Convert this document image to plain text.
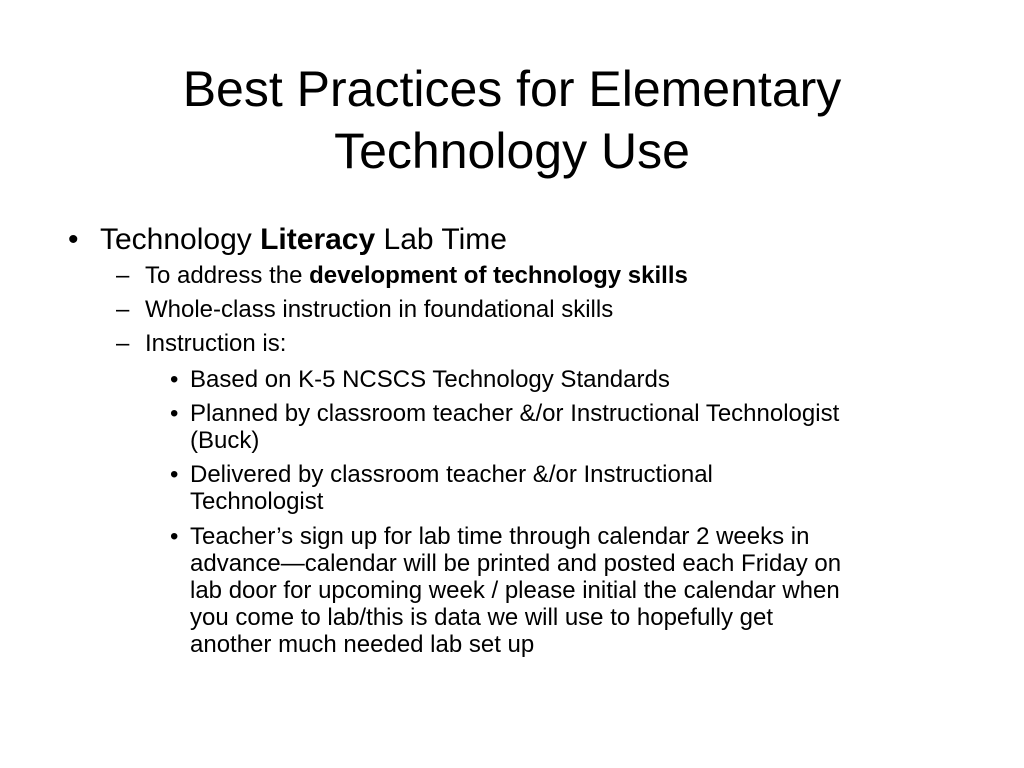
Best Practices for Elementary
Technology Use
• Technology Literacy Lab Time
– To address the development of technology skills
– Whole-class instruction in foundational skills
– Instruction is:
• Based on K-5 NCSCS Technology Standards
• Planned by classroom teacher &/or Instructional Technologist
(Buck)
• Delivered by classroom teacher &/or Instructional
Technologist
• Teacher’s sign up for lab time through calendar 2 weeks in
advance—calendar will be printed and posted each Friday on
lab door for upcoming week / please initial the calendar when
you come to lab/this is data we will use to hopefully get
another much needed lab set up
